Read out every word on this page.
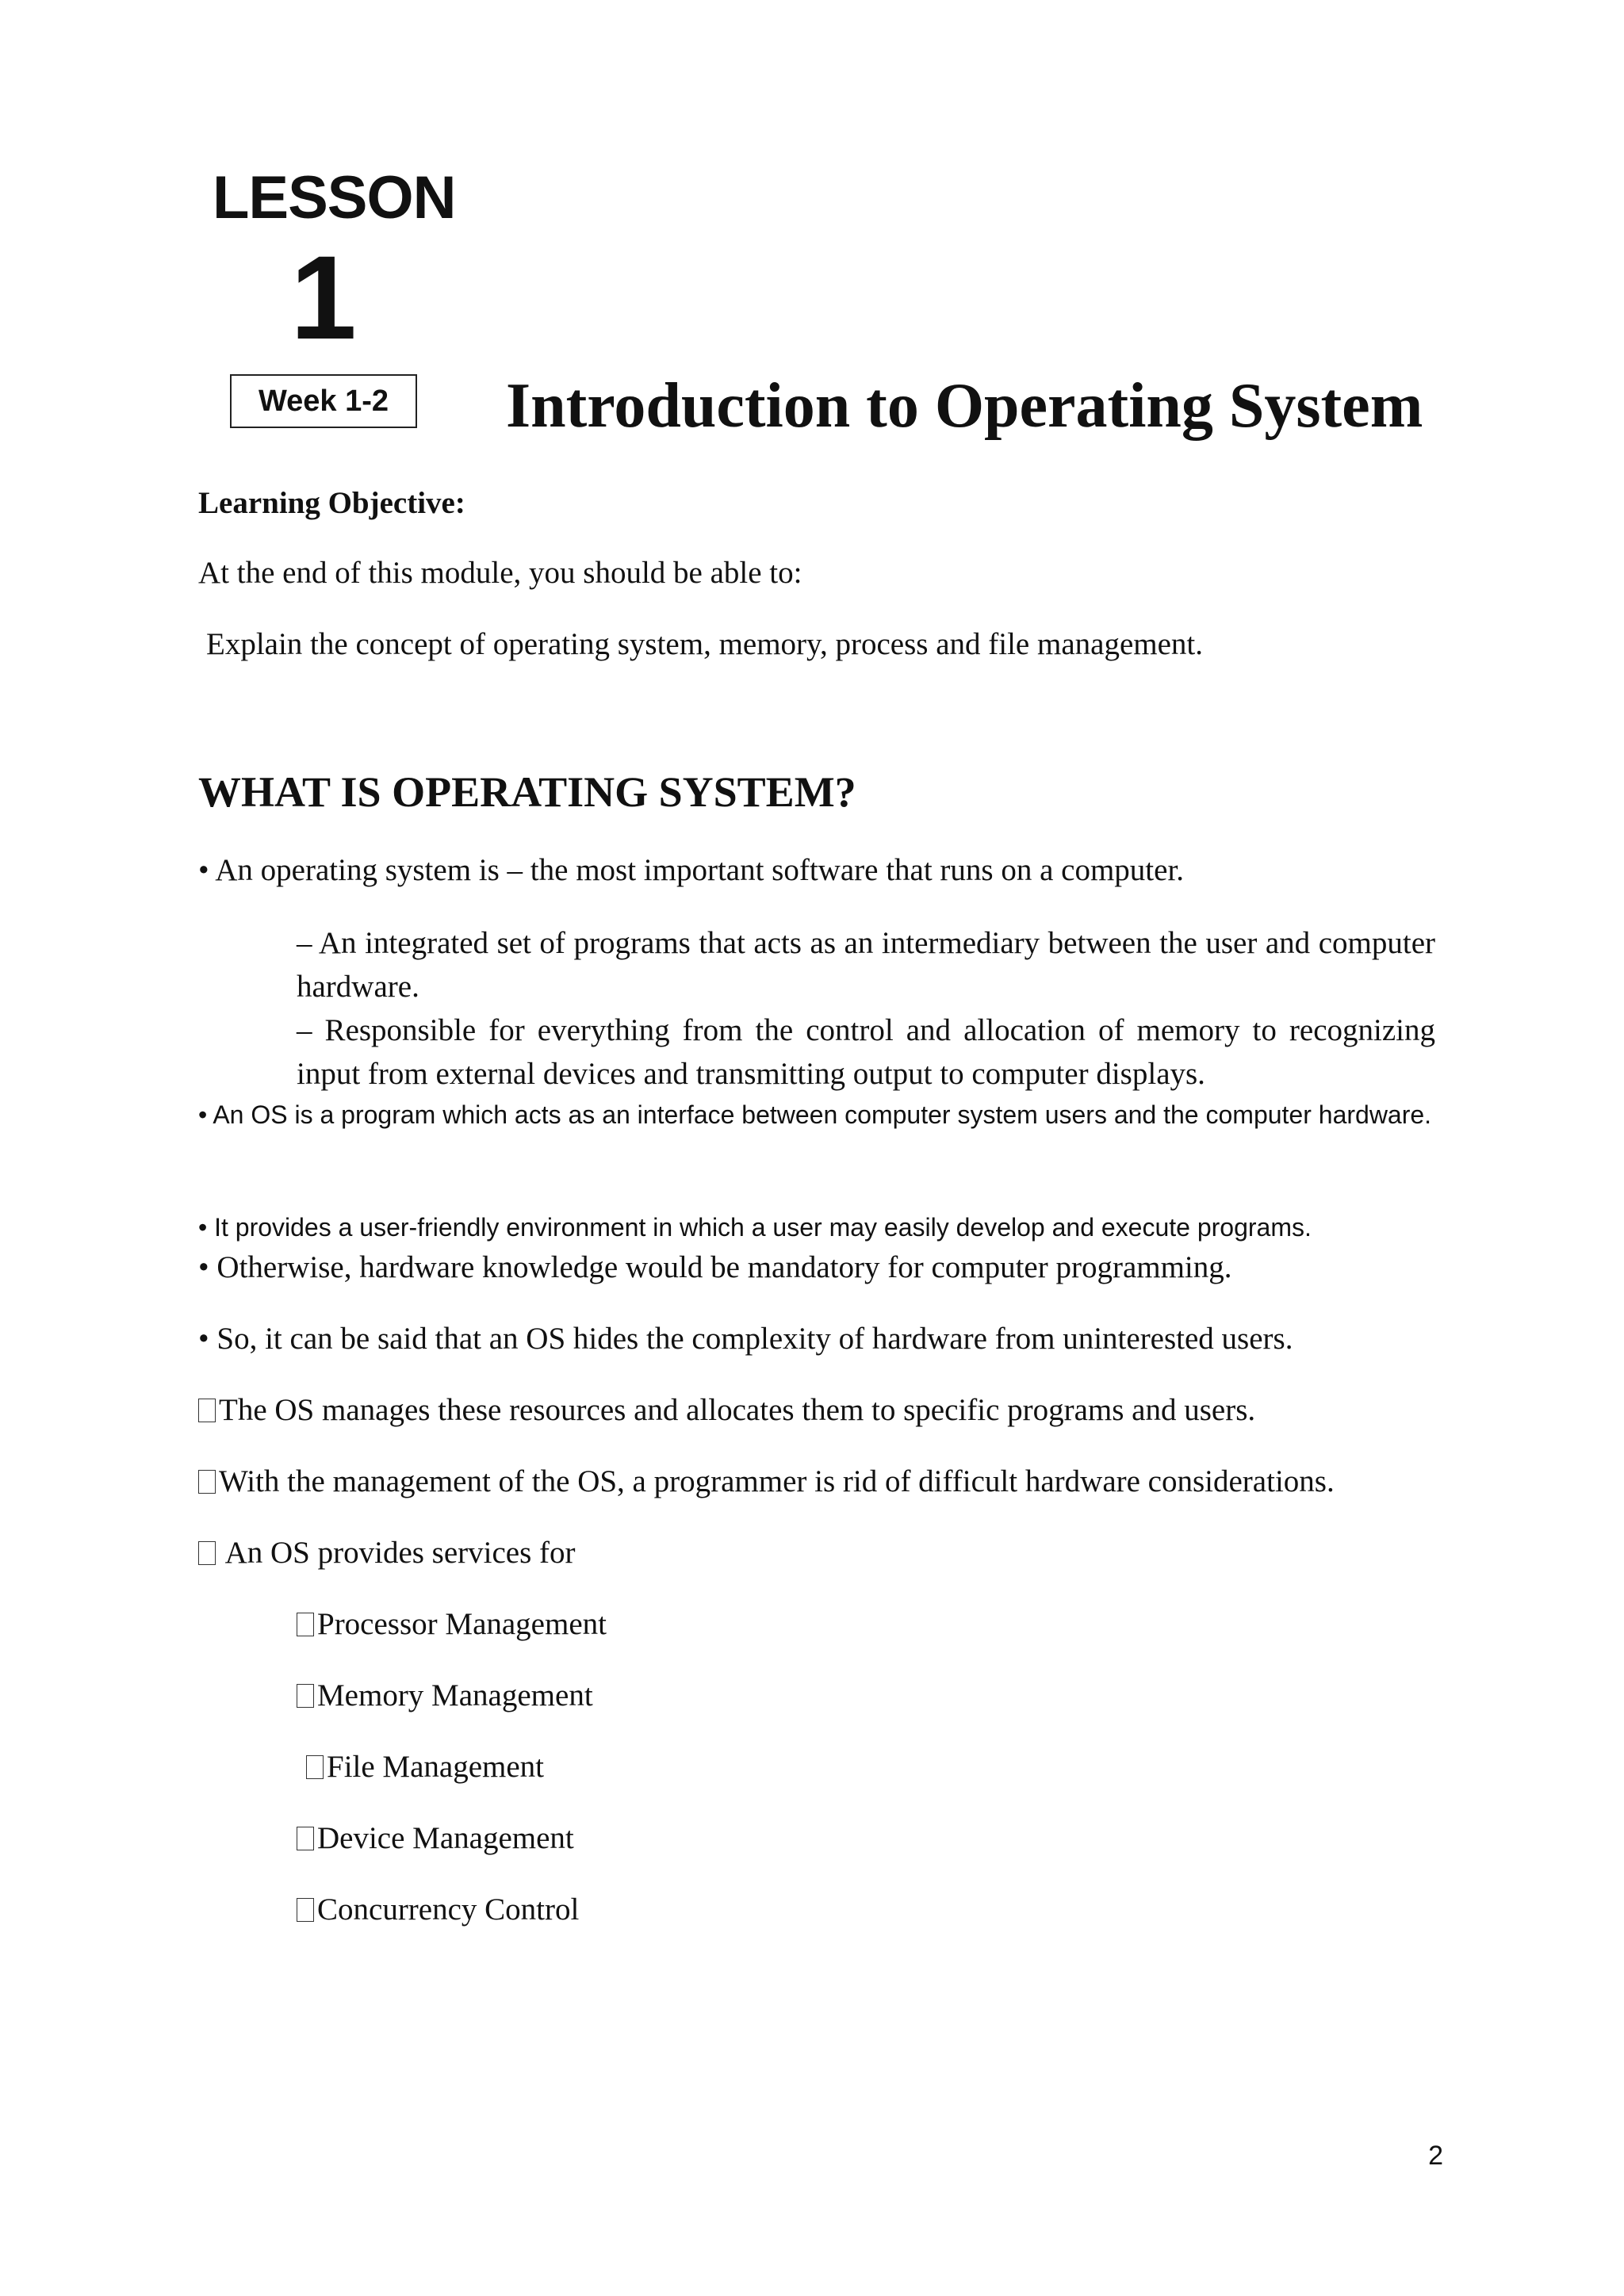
LESSON
1
Week 1-2 Introduction to Operating System
Learning Objective:
At the end of this module, you should be able to:
Explain the concept of operating system, memory, process and file management.
WHAT IS OPERATING SYSTEM?
• An operating system is – the most important software that runs on a computer.
– An integrated set of programs that acts as an intermediary between the user and computer hardware.
– Responsible for everything from the control and allocation of memory to recognizing input from external devices and transmitting output to computer displays.
• An OS is a program which acts as an interface between computer system users and the computer hardware.
• It provides a user-friendly environment in which a user may easily develop and execute programs.
• Otherwise, hardware knowledge would be mandatory for computer programming.
• So, it can be said that an OS hides the complexity of hardware from uninterested users.
The OS manages these resources and allocates them to specific programs and users.
With the management of the OS, a programmer is rid of difficult hardware considerations.
An OS provides services for
Processor Management
Memory Management
File Management
Device Management
Concurrency Control
2
